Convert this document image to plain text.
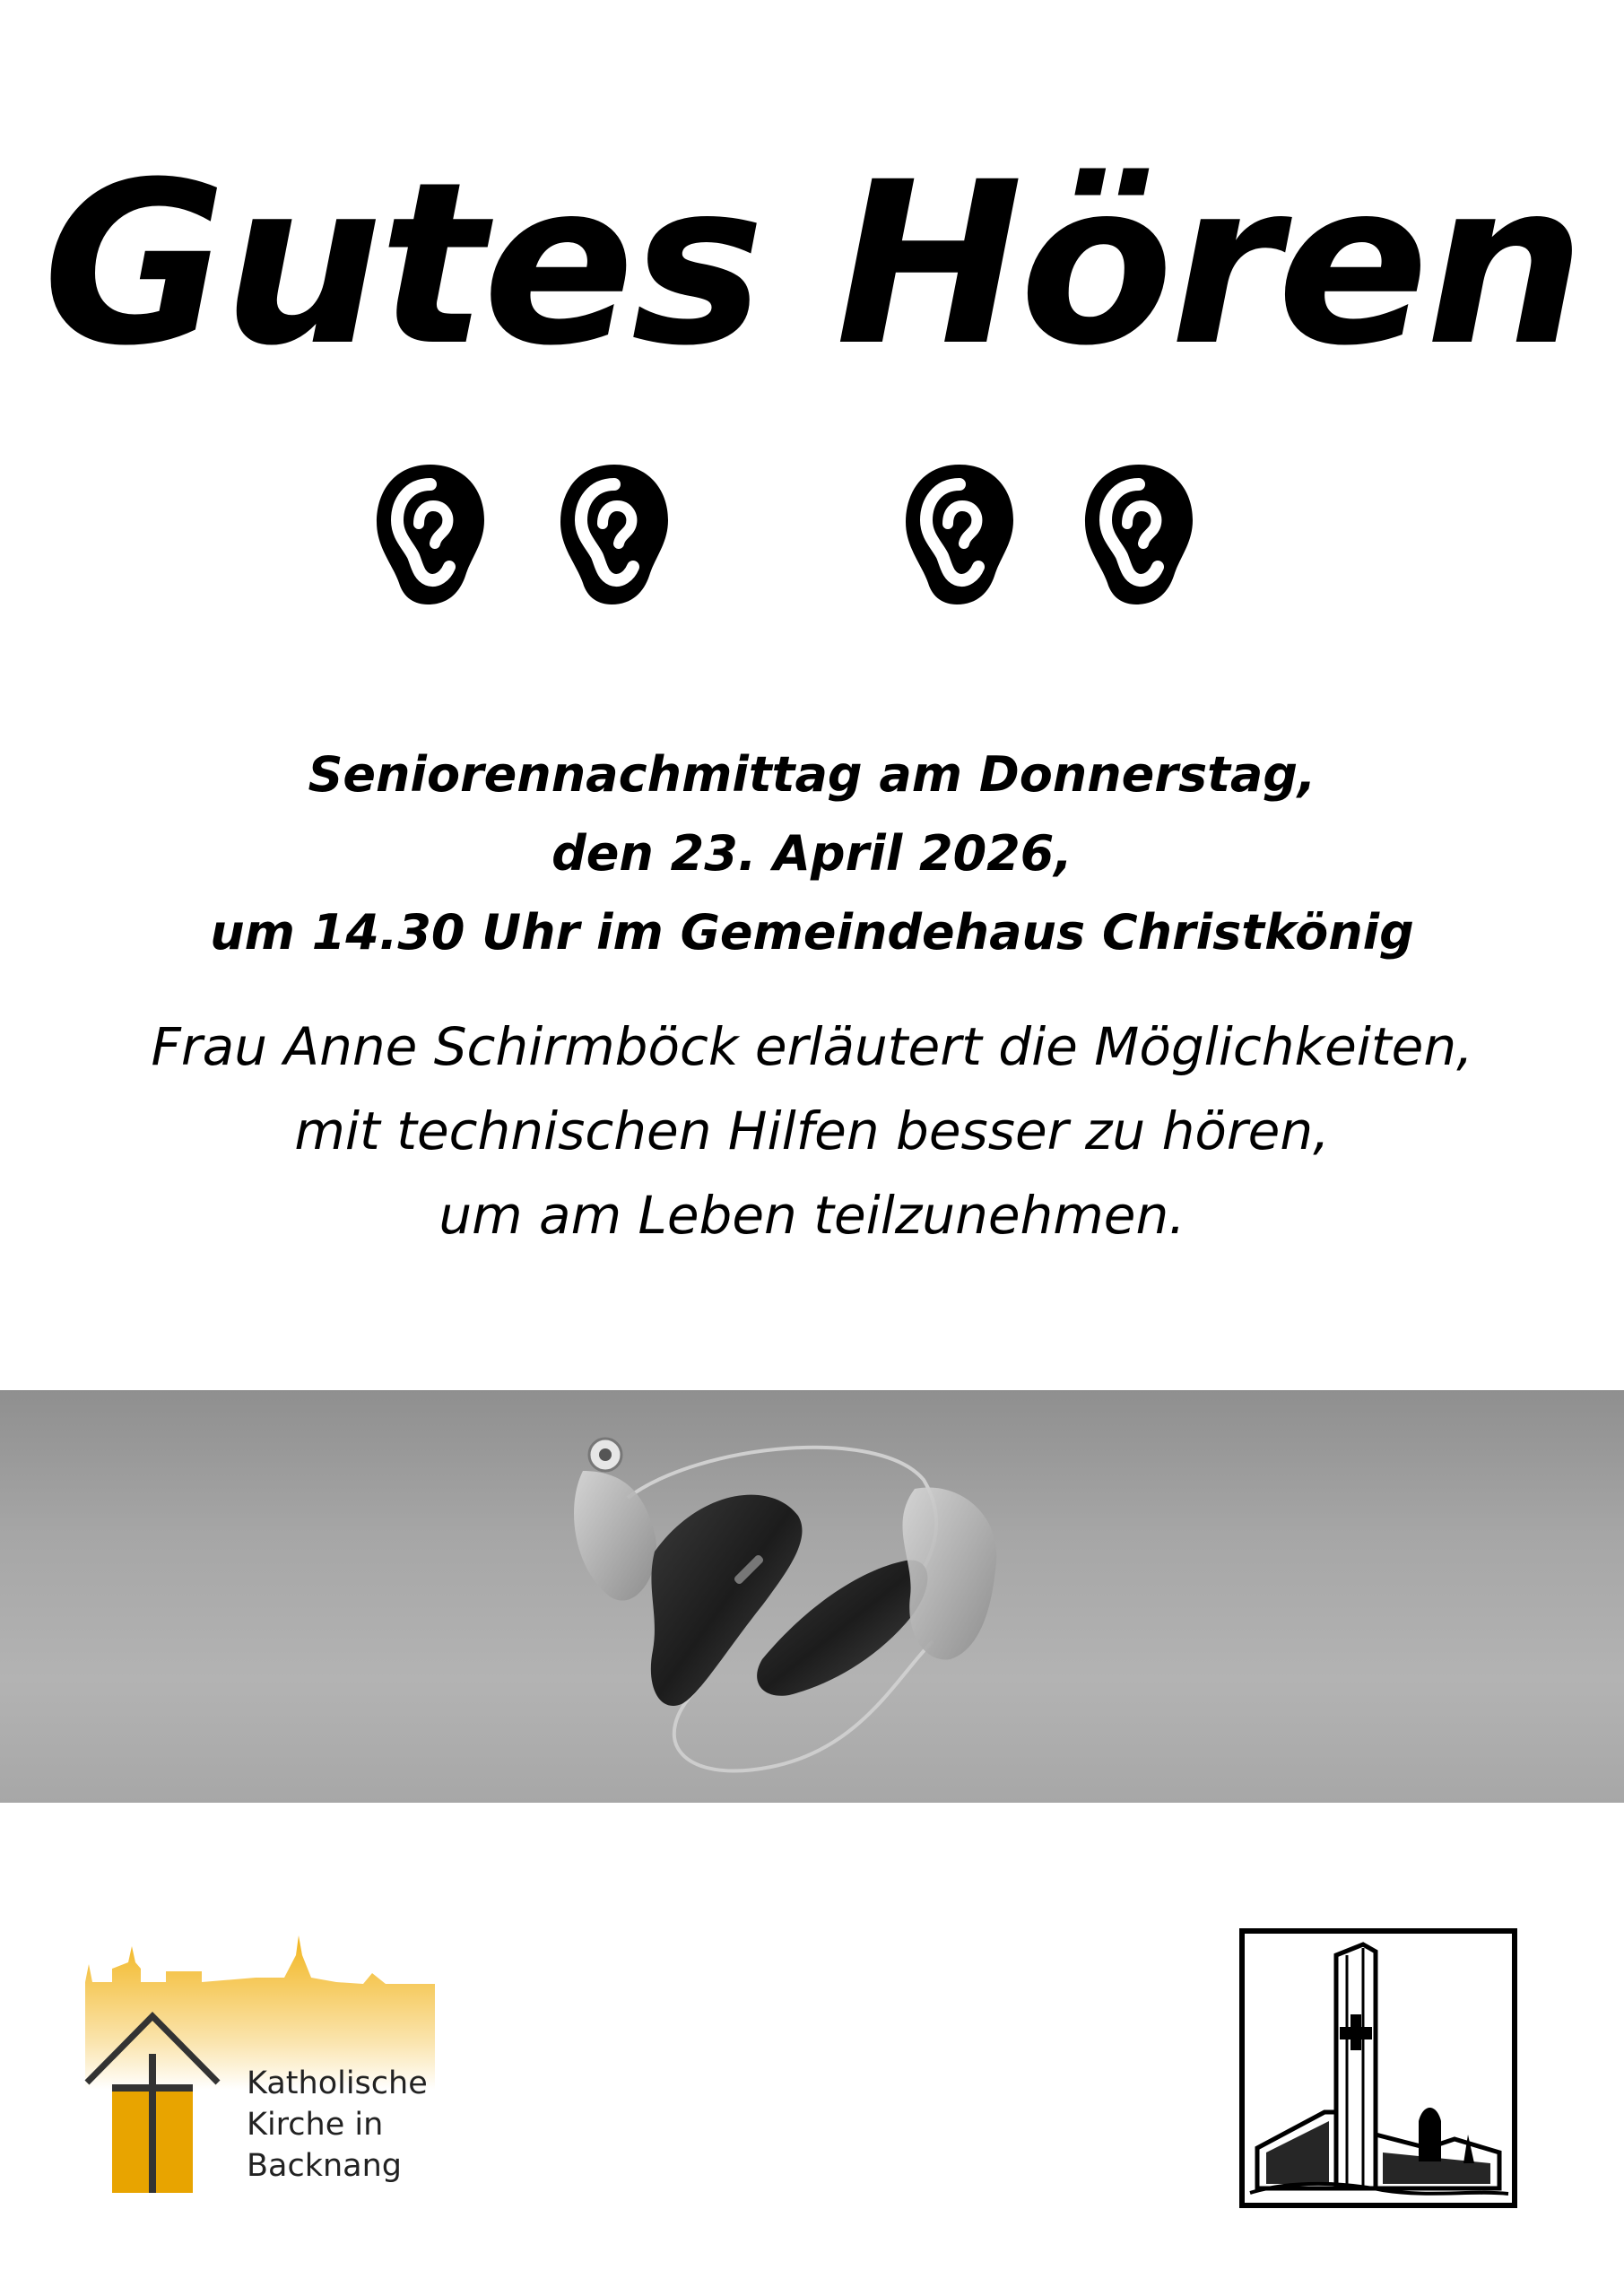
Gutes Hören
Seniorennachmittag am Donnerstag,
den 23. April 2026,
um 14.30 Uhr im Gemeindehaus Christkönig
Frau Anne Schirmböck erläutert die Möglichkeiten,
mit technischen Hilfen besser zu hören,
um am Leben teilzunehmen.
Katholische
Kirche in
Backnang
